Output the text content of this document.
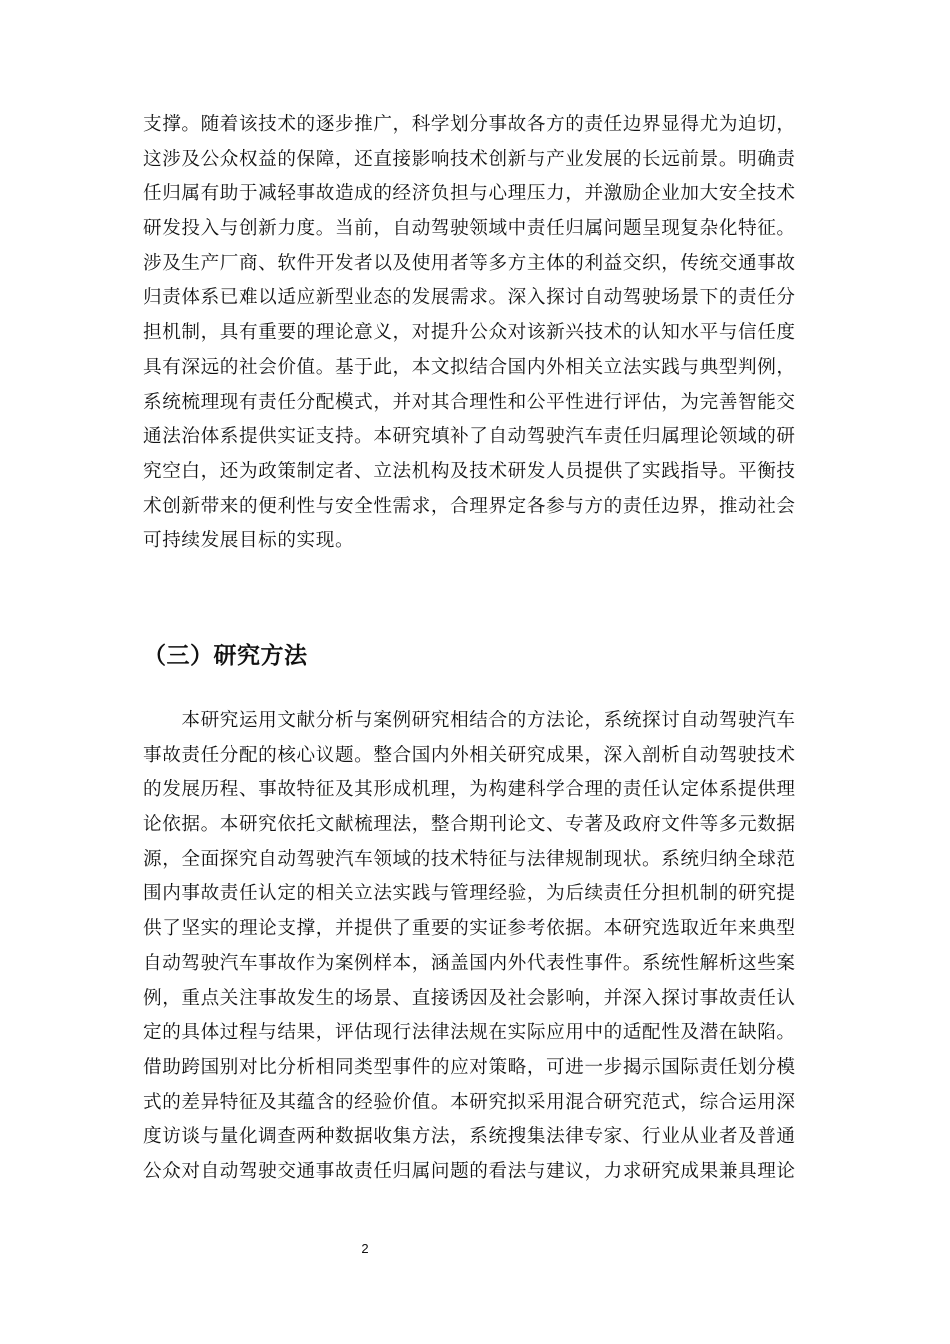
支撑。随着该技术的逐步推广，科学划分事故各方的责任边界显得尤为迫切，
这涉及公众权益的保障，还直接影响技术创新与产业发展的长远前景。明确责
任归属有助于减轻事故造成的经济负担与心理压力，并激励企业加大安全技术
研发投入与创新力度。当前，自动驾驶领域中责任归属问题呈现复杂化特征。
涉及生产厂商、软件开发者以及使用者等多方主体的利益交织，传统交通事故
归责体系已难以适应新型业态的发展需求。深入探讨自动驾驶场景下的责任分
担机制，具有重要的理论意义，对提升公众对该新兴技术的认知水平与信任度
具有深远的社会价值。基于此，本文拟结合国内外相关立法实践与典型判例，
系统梳理现有责任分配模式，并对其合理性和公平性进行评估，为完善智能交
通法治体系提供实证支持。本研究填补了自动驾驶汽车责任归属理论领域的研
究空白，还为政策制定者、立法机构及技术研发人员提供了实践指导。平衡技
术创新带来的便利性与安全性需求，合理界定各参与方的责任边界，推动社会
可持续发展目标的实现。
（三）研究方法
　　本研究运用文献分析与案例研究相结合的方法论，系统探讨自动驾驶汽车
事故责任分配的核心议题。整合国内外相关研究成果，深入剖析自动驾驶技术
的发展历程、事故特征及其形成机理，为构建科学合理的责任认定体系提供理
论依据。本研究依托文献梳理法，整合期刊论文、专著及政府文件等多元数据
源，全面探究自动驾驶汽车领域的技术特征与法律规制现状。系统归纳全球范
围内事故责任认定的相关立法实践与管理经验，为后续责任分担机制的研究提
供了坚实的理论支撑，并提供了重要的实证参考依据。本研究选取近年来典型
自动驾驶汽车事故作为案例样本，涵盖国内外代表性事件。系统性解析这些案
例，重点关注事故发生的场景、直接诱因及社会影响，并深入探讨事故责任认
定的具体过程与结果，评估现行法律法规在实际应用中的适配性及潜在缺陷。
借助跨国别对比分析相同类型事件的应对策略，可进一步揭示国际责任划分模
式的差异特征及其蕴含的经验价值。本研究拟采用混合研究范式，综合运用深
度访谈与量化调查两种数据收集方法，系统搜集法律专家、行业从业者及普通
公众对自动驾驶交通事故责任归属问题的看法与建议，力求研究成果兼具理论
2
